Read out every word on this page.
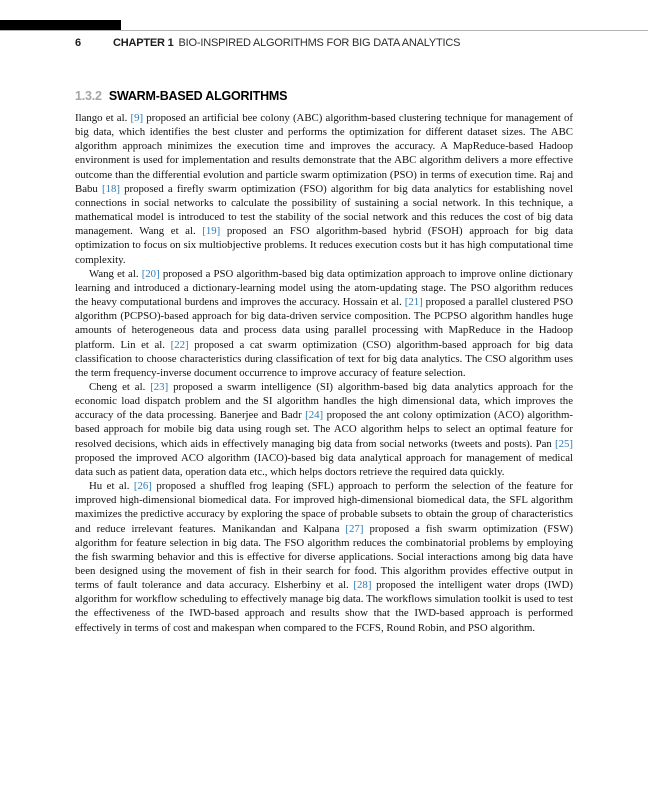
6	CHAPTER 1 BIO-INSPIRED ALGORITHMS FOR BIG DATA ANALYTICS
1.3.2 SWARM-BASED ALGORITHMS

Ilango et al. [9] proposed an artificial bee colony (ABC) algorithm-based clustering technique for management of big data, which identifies the best cluster and performs the optimization for different dataset sizes. The ABC algorithm approach minimizes the execution time and improves the accuracy. A MapReduce-based Hadoop environment is used for implementation and results demonstrate that the ABC algorithm delivers a more effective outcome than the differential evolution and particle swarm optimization (PSO) in terms of execution time. Raj and Babu [18] proposed a firefly swarm optimization (FSO) algorithm for big data analytics for establishing novel connections in social networks to calculate the possibility of sustaining a social network. In this technique, a mathematical model is introduced to test the stability of the social network and this reduces the cost of big data management. Wang et al. [19] proposed an FSO algorithm-based hybrid (FSOH) approach for big data optimization to focus on six multiobjective problems. It reduces execution costs but it has high computational time complexity.

Wang et al. [20] proposed a PSO algorithm-based big data optimization approach to improve online dictionary learning and introduced a dictionary-learning model using the atom-updating stage. The PSO algorithm reduces the heavy computational burdens and improves the accuracy. Hossain et al. [21] proposed a parallel clustered PSO algorithm (PCPSO)-based approach for big data-driven service composition. The PCPSO algorithm handles huge amounts of heterogeneous data and process data using parallel processing with MapReduce in the Hadoop platform. Lin et al. [22] proposed a cat swarm optimization (CSO) algorithm-based approach for big data classification to choose characteristics during classification of text for big data analytics. The CSO algorithm uses the term frequency-inverse document occurrence to improve accuracy of feature selection.

Cheng et al. [23] proposed a swarm intelligence (SI) algorithm-based big data analytics approach for the economic load dispatch problem and the SI algorithm handles the high dimensional data, which improves the accuracy of the data processing. Banerjee and Badr [24] proposed the ant colony optimization (ACO) algorithm-based approach for mobile big data using rough set. The ACO algorithm helps to select an optimal feature for resolved decisions, which aids in effectively managing big data from social networks (tweets and posts). Pan [25] proposed the improved ACO algorithm (IACO)-based big data analytical approach for management of medical data such as patient data, operation data etc., which helps doctors retrieve the required data quickly.

Hu et al. [26] proposed a shuffled frog leaping (SFL) approach to perform the selection of the feature for improved high-dimensional biomedical data. For improved high-dimensional biomedical data, the SFL algorithm maximizes the predictive accuracy by exploring the space of probable subsets to obtain the group of characteristics and reduce irrelevant features. Manikandan and Kalpana [27] proposed a fish swarm optimization (FSW) algorithm for feature selection in big data. The FSO algorithm reduces the combinatorial problems by employing the fish swarming behavior and this is effective for diverse applications. Social interactions among big data have been designed using the movement of fish in their search for food. This algorithm provides effective output in terms of fault tolerance and data accuracy. Elsherbiny et al. [28] proposed the intelligent water drops (IWD) algorithm for workflow scheduling to effectively manage big data. The workflows simulation toolkit is used to test the effectiveness of the IWD-based approach and results show that the IWD-based approach is performed effectively in terms of cost and makespan when compared to the FCFS, Round Robin, and PSO algorithm.
